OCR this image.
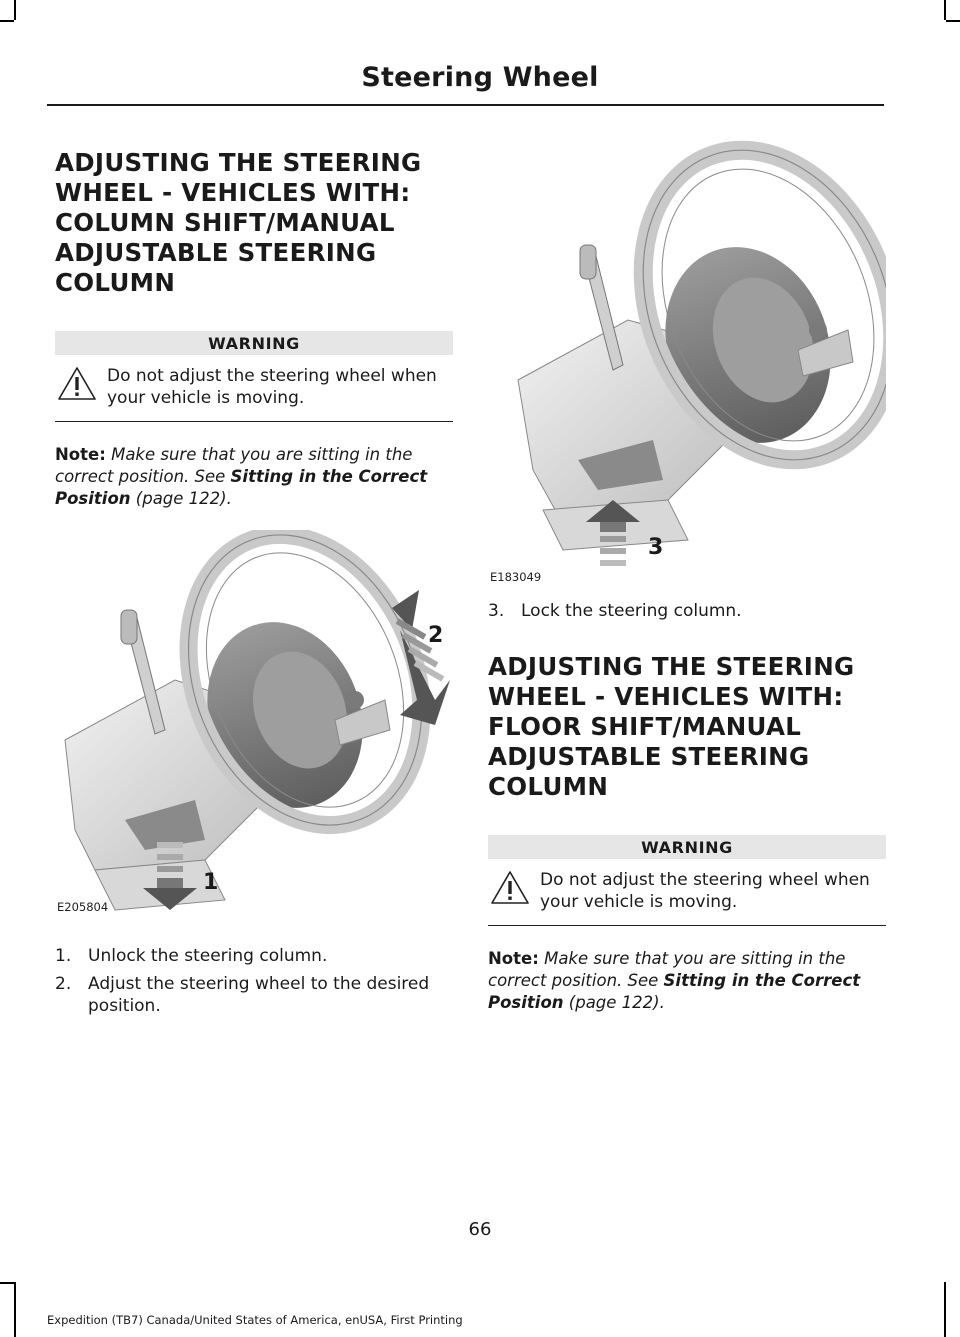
Steering Wheel
ADJUSTING THE STEERING
WHEEL - VEHICLES WITH:
COLUMN SHIFT/MANUAL
ADJUSTABLE STEERING
COLUMN
WARNING
Do not adjust the steering wheel when your vehicle is moving.
Note: Make sure that you are sitting in the correct position. See Sitting in the Correct Position (page 122).
2
1
E205804
1. Unlock the steering column.
2. Adjust the steering wheel to the desired position.
3
E183049
3. Lock the steering column.
ADJUSTING THE STEERING
WHEEL - VEHICLES WITH:
FLOOR SHIFT/MANUAL
ADJUSTABLE STEERING
COLUMN
WARNING
Do not adjust the steering wheel when your vehicle is moving.
Note: Make sure that you are sitting in the correct position. See Sitting in the Correct Position (page 122).
66
Expedition (TB7) Canada/United States of America, enUSA, First Printing
